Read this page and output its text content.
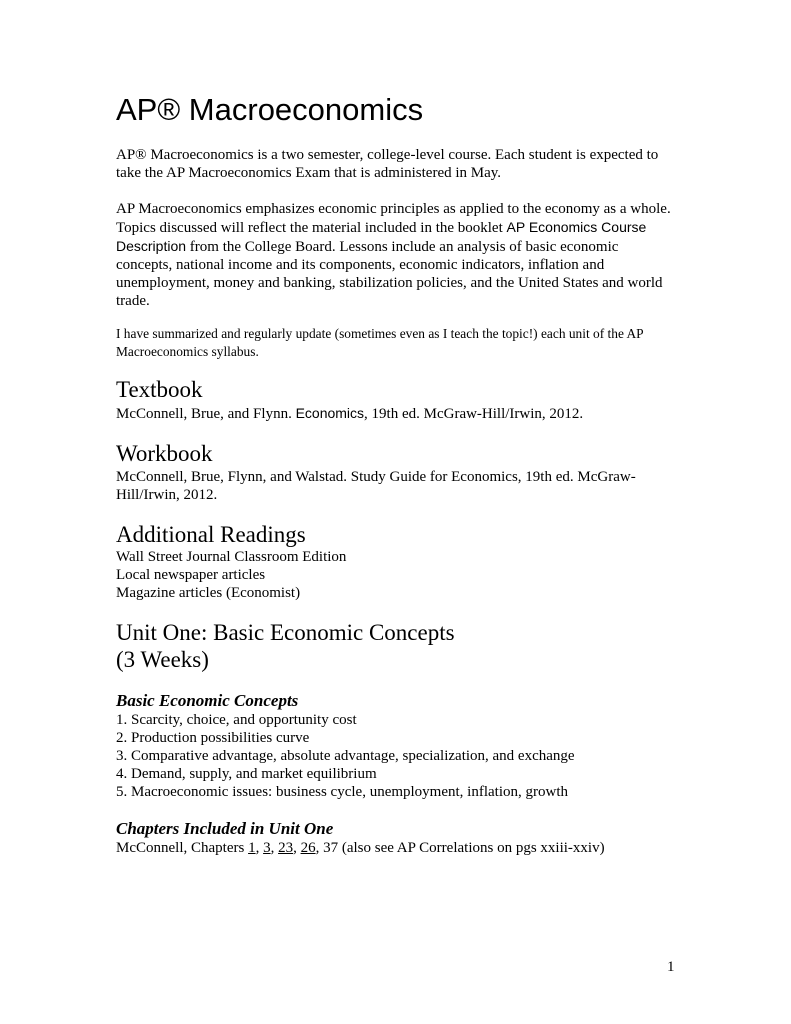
AP® Macroeconomics

AP® Macroeconomics is a two semester, college-level course. Each student is expected to take the AP Macroeconomics Exam that is administered in May.

AP Macroeconomics emphasizes economic principles as applied to the economy as a whole. Topics discussed will reflect the material included in the booklet AP Economics Course Description from the College Board. Lessons include an analysis of basic economic concepts, national income and its components, economic indicators, inflation and unemployment, money and banking, stabilization policies, and the United States and world trade.

I have summarized and regularly update (sometimes even as I teach the topic!) each unit of the AP Macroeconomics syllabus.

Textbook

McConnell, Brue, and Flynn. Economics, 19th ed. McGraw-Hill/Irwin, 2012.

Workbook

McConnell, Brue, Flynn, and Walstad. Study Guide for Economics, 19th ed. McGraw-Hill/Irwin, 2012.

Additional Readings
Wall Street Journal Classroom Edition
Local newspaper articles
Magazine articles (Economist)
Unit One: Basic Economic Concepts
(3 Weeks)
Basic Economic Concepts
1. Scarcity, choice, and opportunity cost
2. Production possibilities curve
3. Comparative advantage, absolute advantage, specialization, and exchange
4. Demand, supply, and market equilibrium
5. Macroeconomic issues: business cycle, unemployment, inflation, growth
Chapters Included in Unit One

McConnell, Chapters 1, 3, 23, 26, 37 (also see AP Correlations on pgs xxiii-xxiv)

1
